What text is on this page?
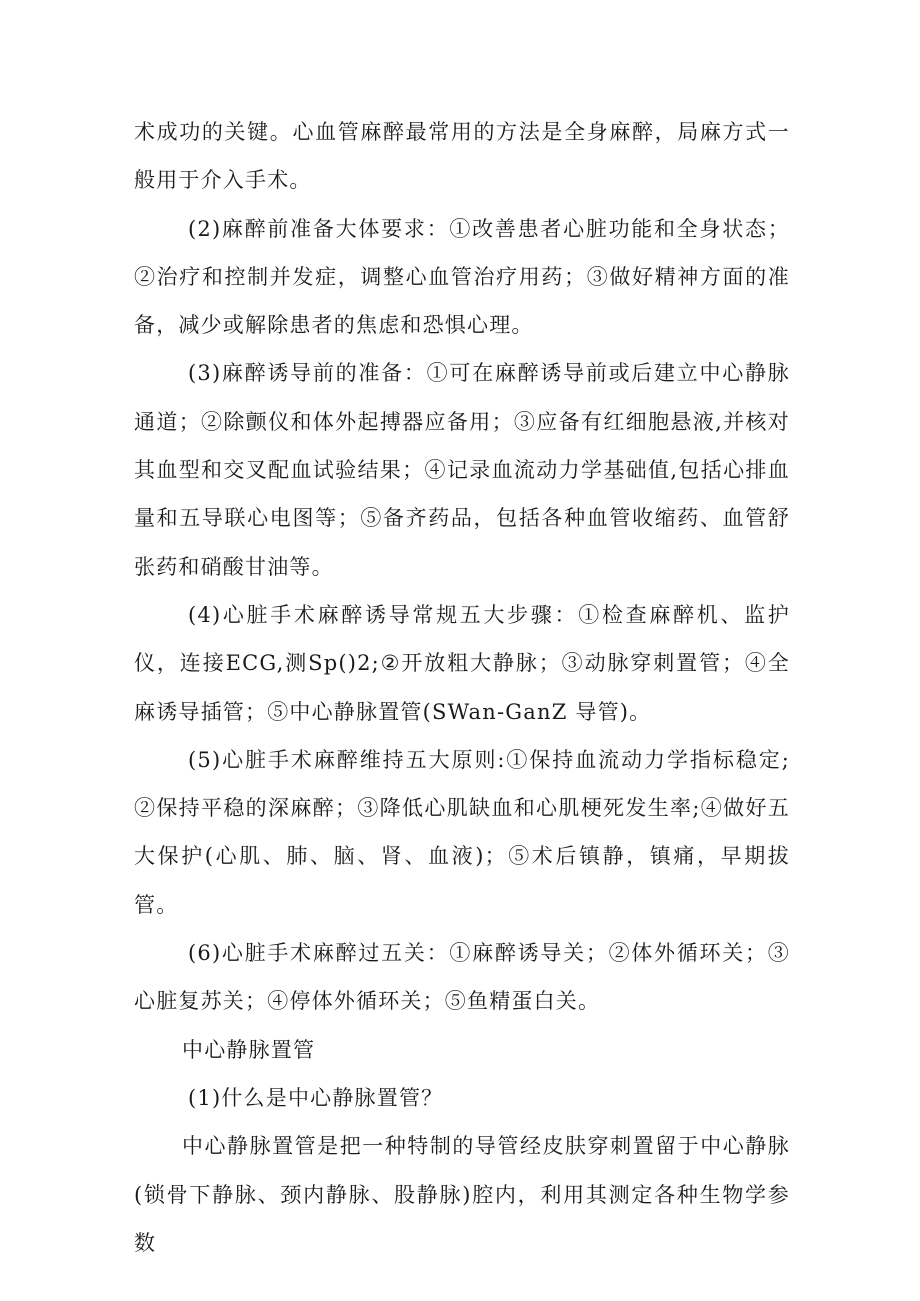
术成功的关键。心血管麻醉最常用的方法是全身麻醉，局麻方式一般用于介入手术。

(2)麻醉前准备大体要求：①改善患者心脏功能和全身状态；②治疗和控制并发症，调整心血管治疗用药；③做好精神方面的准备，减少或解除患者的焦虑和恐惧心理。

(3)麻醉诱导前的准备：①可在麻醉诱导前或后建立中心静脉通道；②除颤仪和体外起搏器应备用；③应备有红细胞悬液,并核对其血型和交叉配血试验结果；④记录血流动力学基础值,包括心排血量和五导联心电图等；⑤备齐药品，包括各种血管收缩药、血管舒张药和硝酸甘油等。

(4)心脏手术麻醉诱导常规五大步骤：①检查麻醉机、监护仪，连接ECG,测Sp()2;②开放粗大静脉；③动脉穿刺置管；④全麻诱导插管；⑤中心静脉置管(SWan-GanZ 导管)。

(5)心脏手术麻醉维持五大原则:①保持血流动力学指标稳定;②保持平稳的深麻醉；③降低心肌缺血和心肌梗死发生率;④做好五大保护(心肌、肺、脑、肾、血液)；⑤术后镇静，镇痛，早期拔管。

(6)心脏手术麻醉过五关：①麻醉诱导关；②体外循环关；③心脏复苏关；④停体外循环关；⑤鱼精蛋白关。

中心静脉置管

(1)什么是中心静脉置管？

中心静脉置管是把一种特制的导管经皮肤穿刺置留于中心静脉(锁骨下静脉、颈内静脉、股静脉)腔内，利用其测定各种生物学参数
